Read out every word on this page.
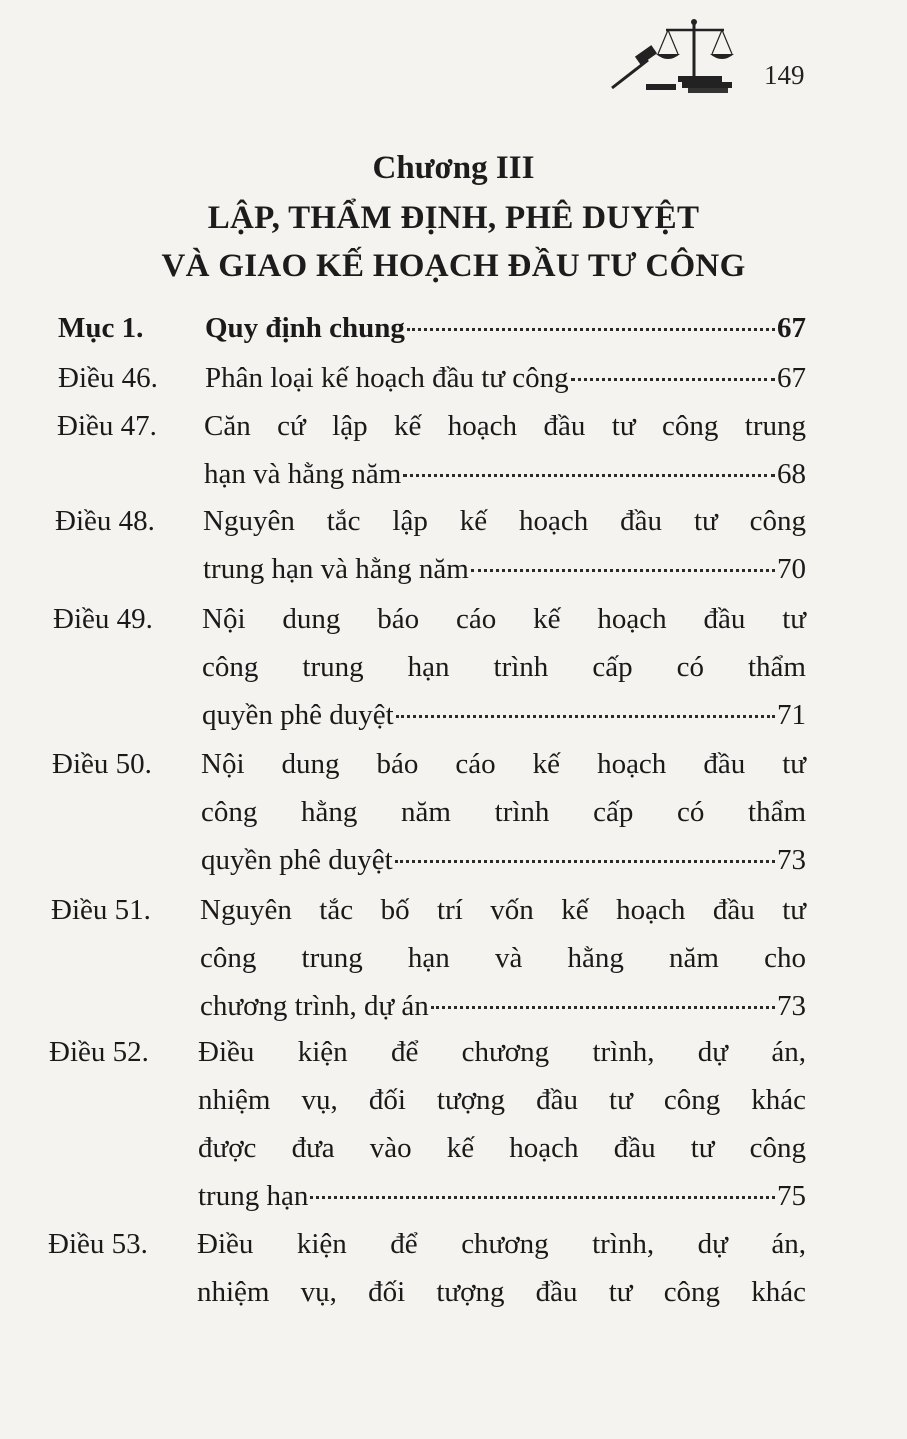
149
Chương III
LẬP, THẨM ĐỊNH, PHÊ DUYỆT
VÀ GIAO KẾ HOẠCH ĐẦU TƯ CÔNG
Mục 1. Quy định chung	67
Điều 46. Phân loại kế hoạch đầu tư công	67
Điều 47. Căn cứ lập kế hoạch đầu tư công trung
hạn và hằng năm	68
Điều 48. Nguyên tắc lập kế hoạch đầu tư công
trung hạn và hằng năm	70
Điều 49. Nội dung báo cáo kế hoạch đầu tư
công trung hạn trình cấp có thẩm
quyền phê duyệt	71
Điều 50. Nội dung báo cáo kế hoạch đầu tư
công hằng năm trình cấp có thẩm
quyền phê duyệt	73
Điều 51. Nguyên tắc bố trí vốn kế hoạch đầu tư
công trung hạn và hằng năm cho
chương trình, dự án	73
Điều 52. Điều kiện để chương trình, dự án,
nhiệm vụ, đối tượng đầu tư công khác
được đưa vào kế hoạch đầu tư công
trung hạn	75
Điều 53. Điều kiện để chương trình, dự án,
nhiệm vụ, đối tượng đầu tư công khác
